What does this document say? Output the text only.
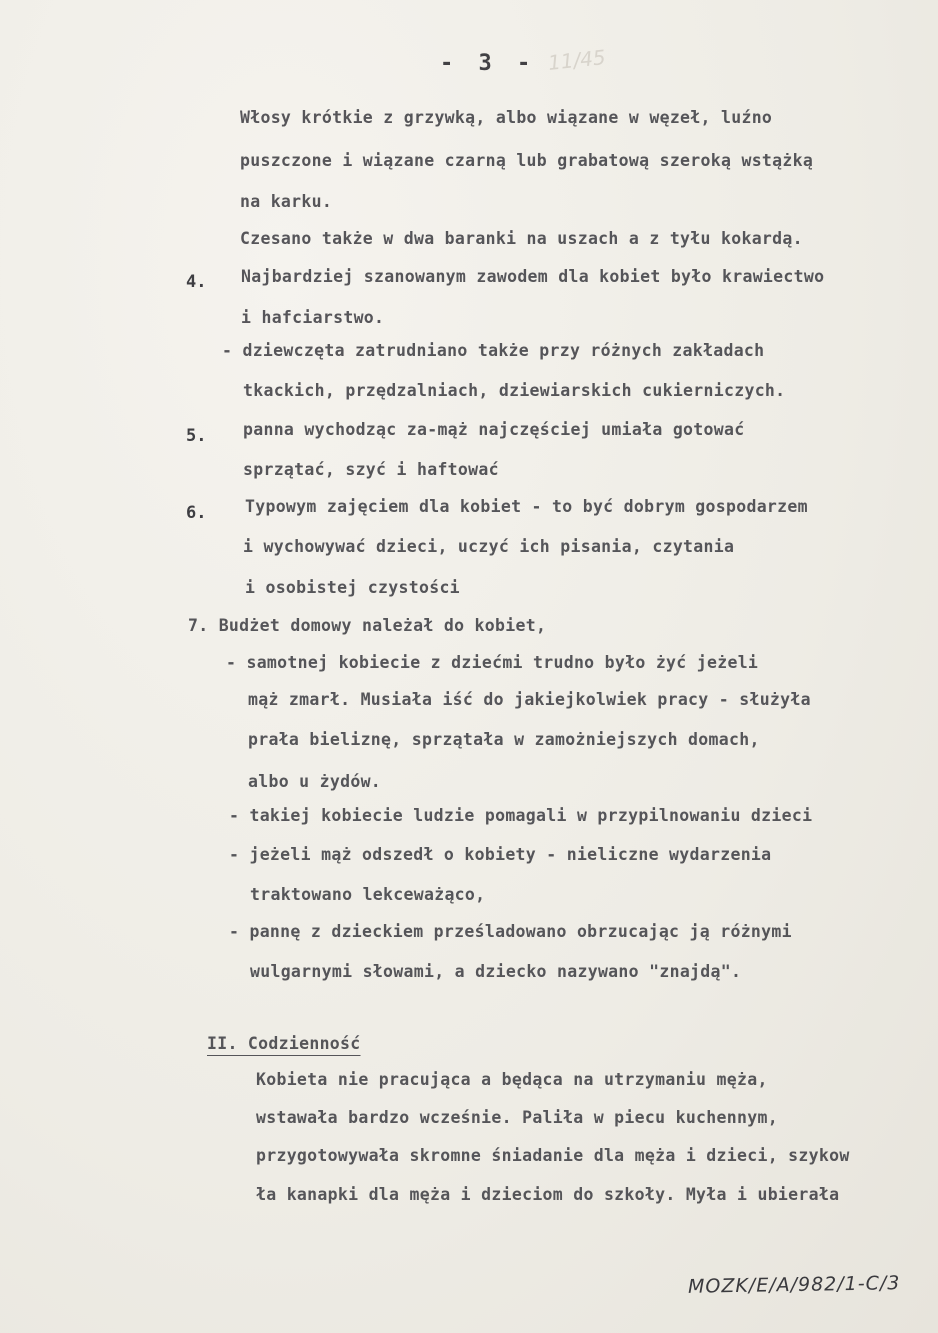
- 3 - 11/45
Włosy krótkie z grzywką, albo wiązane w węzeł, luźno
puszczone i wiązane czarną lub grabatową szeroką wstążką
na karku.
Czesano także w dwa baranki na uszach a z tyłu kokardą.
4. Najbardziej szanowanym zawodem dla kobiet było krawiectwo
i hafciarstwo.
- dziewczęta zatrudniano także przy różnych zakładach
tkackich, przędzalniach, dziewiarskich cukierniczych.
5. panna wychodząc za-mąż najczęściej umiała gotować
sprzątać, szyć i haftować
6. Typowym zajęciem dla kobiet - to być dobrym gospodarzem
i wychowywać dzieci, uczyć ich pisania, czytania
i osobistej czystości
7. Budżet domowy należał do kobiet,
- samotnej kobiecie z dziećmi trudno było żyć jeżeli
mąż zmarł. Musiała iść do jakiejkolwiek pracy - służyła
prała bieliznę, sprzątała w zamożniejszych domach,
albo u żydów.
- takiej kobiecie ludzie pomagali w przypilnowaniu dzieci
- jeżeli mąż odszedł o kobiety - nieliczne wydarzenia
traktowano lekceważąco,
- pannę z dzieckiem prześladowano obrzucając ją różnymi
wulgarnymi słowami, a dziecko nazywano "znajdą".
II. Codzienność
Kobieta nie pracująca a będąca na utrzymaniu męża,
wstawała bardzo wcześnie. Paliła w piecu kuchennym,
przygotowywała skromne śniadanie dla męża i dzieci, szykow
ła kanapki dla męża i dzieciom do szkoły. Myła i ubierała
MOZK/E/A/982/1-C/3
